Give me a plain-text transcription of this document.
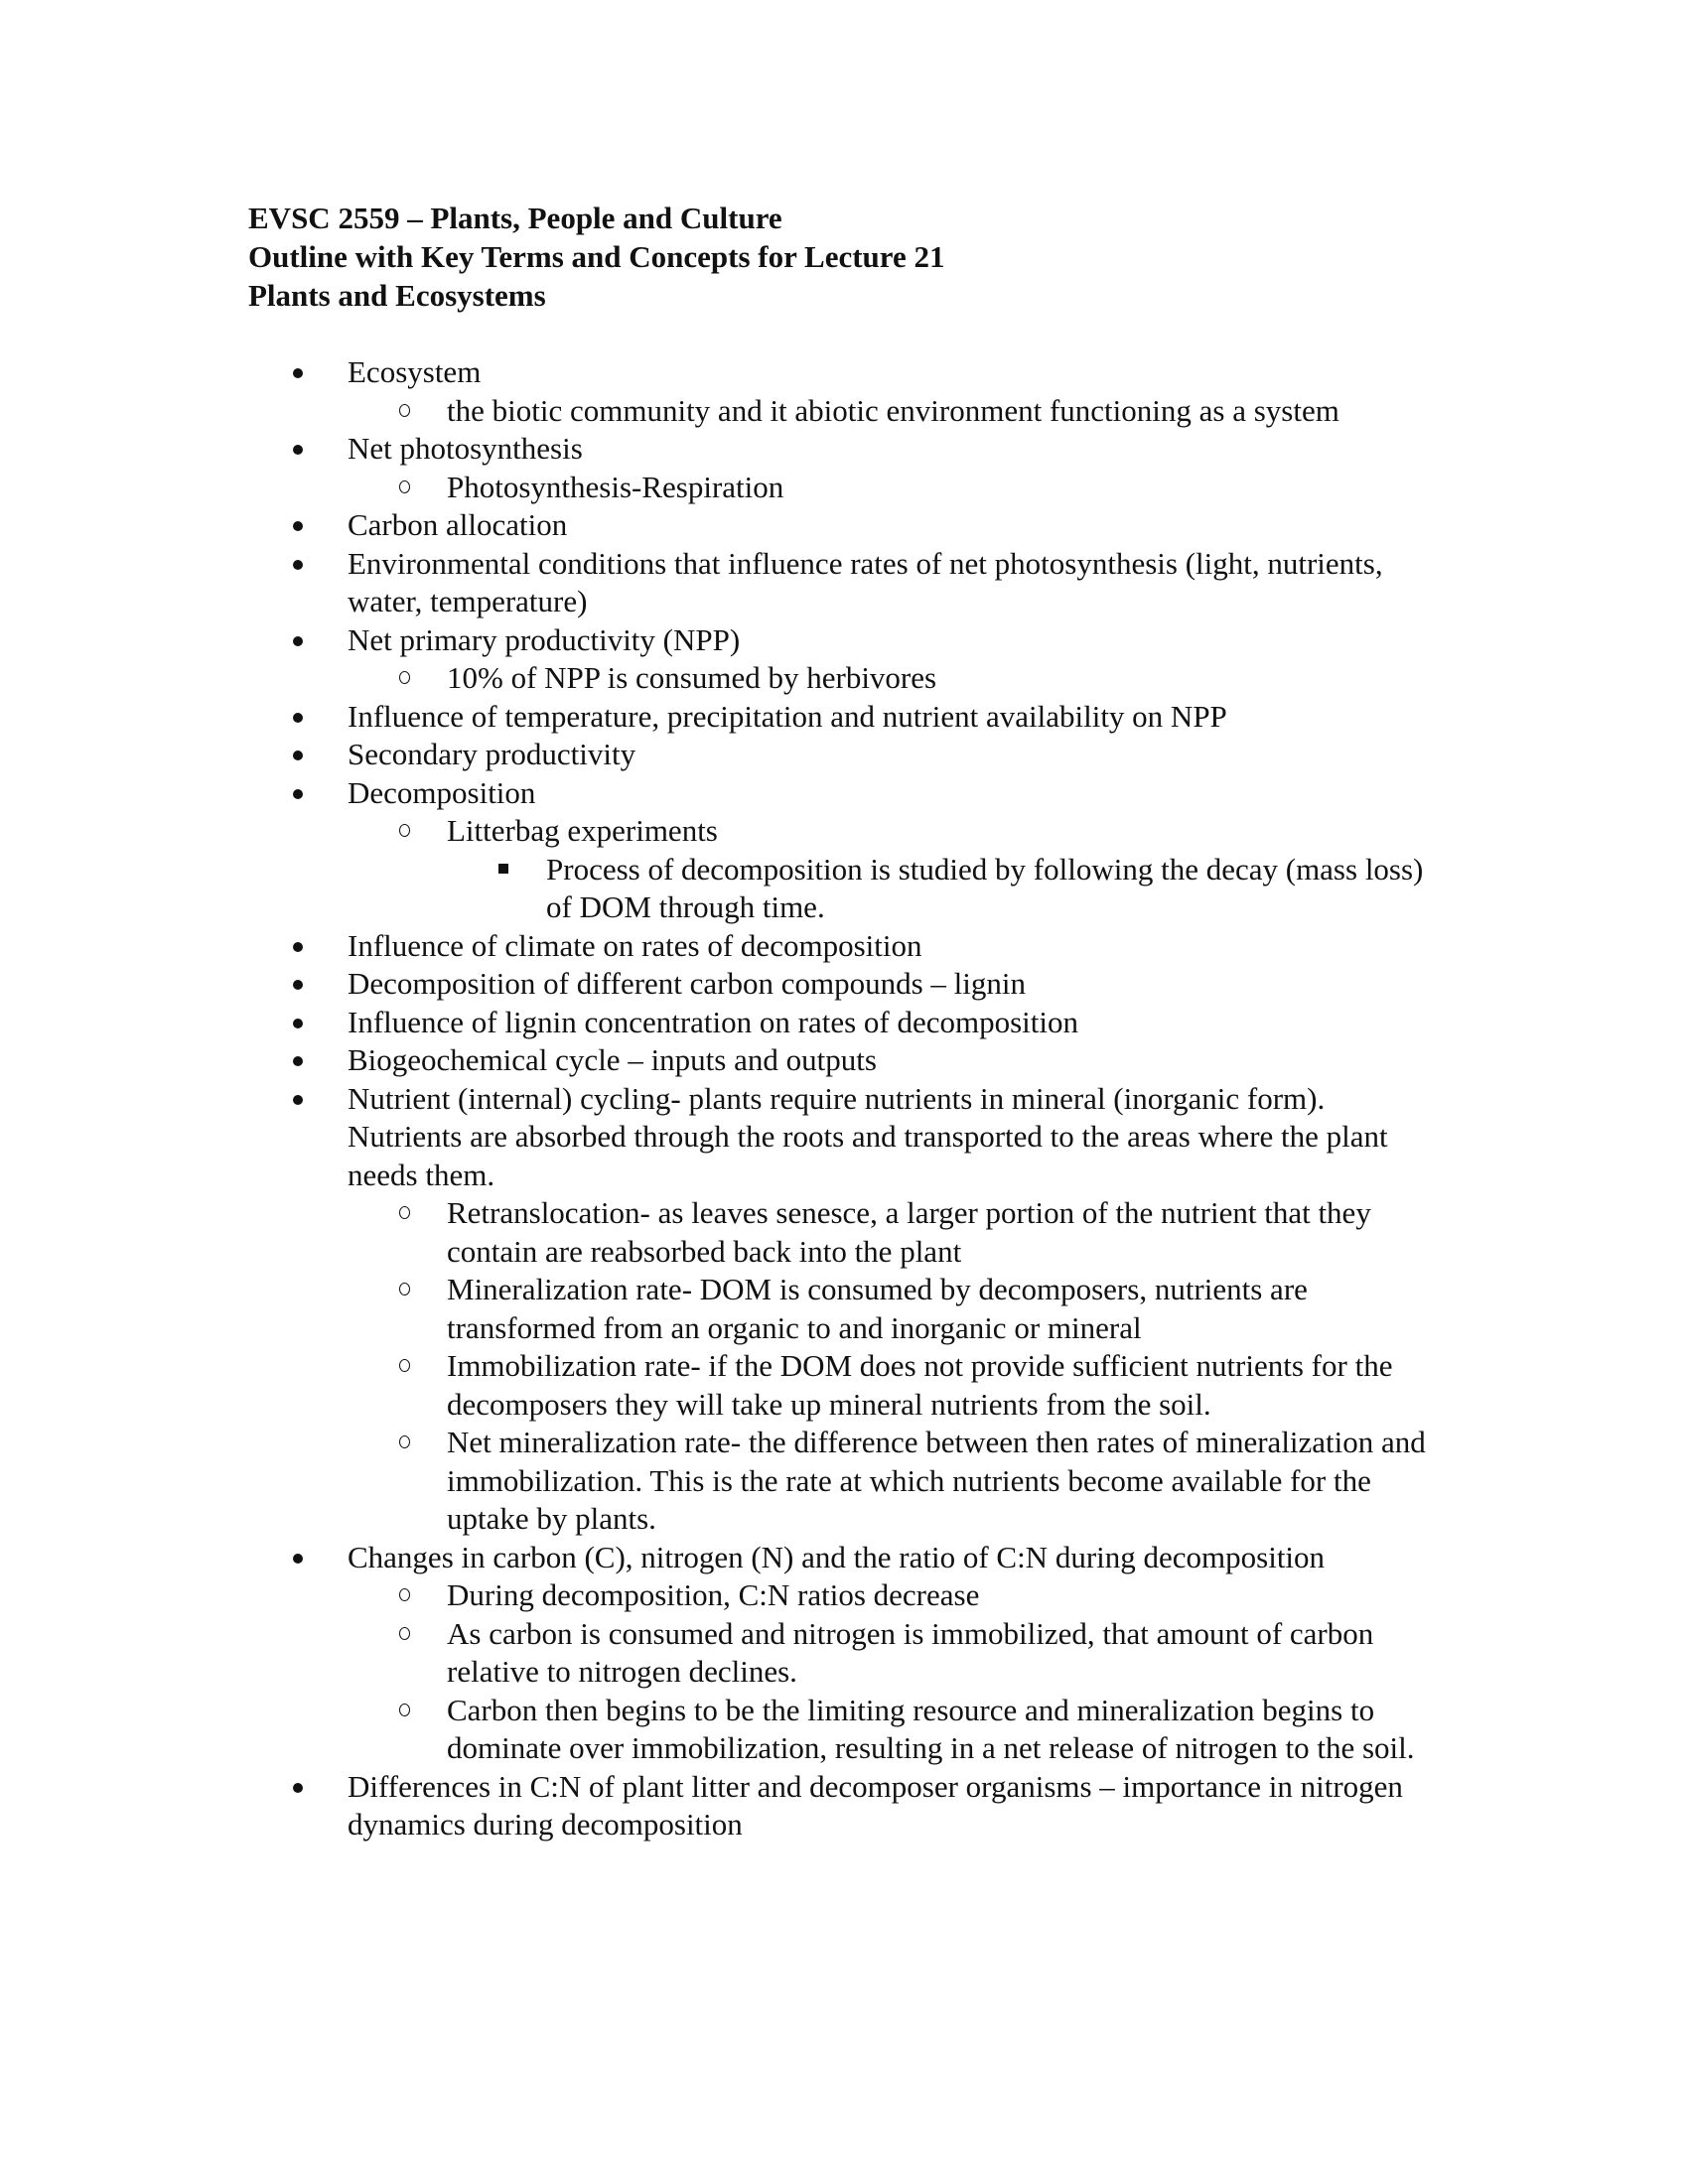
EVSC 2559 – Plants, People and Culture
Outline with Key Terms and Concepts for Lecture 21
Plants and Ecosystems
Ecosystem
the biotic community and it abiotic environment functioning as a system
Net photosynthesis
Photosynthesis-Respiration
Carbon allocation
Environmental conditions that influence rates of net photosynthesis (light, nutrients, water, temperature)
Net primary productivity (NPP)
10% of NPP is consumed by herbivores
Influence of temperature, precipitation and nutrient availability on NPP
Secondary productivity
Decomposition
Litterbag experiments
Process of decomposition is studied by following the decay (mass loss) of DOM through time.
Influence of climate on rates of decomposition
Decomposition of different carbon compounds – lignin
Influence of lignin concentration on rates of decomposition
Biogeochemical cycle – inputs and outputs
Nutrient (internal) cycling- plants require nutrients in mineral (inorganic form). Nutrients are absorbed through the roots and transported to the areas where the plant needs them.
Retranslocation- as leaves senesce, a larger portion of the nutrient that they contain are reabsorbed back into the plant
Mineralization rate- DOM is consumed by decomposers, nutrients are transformed from an organic to and inorganic or mineral
Immobilization rate- if the DOM does not provide sufficient nutrients for the decomposers they will take up mineral nutrients from the soil.
Net mineralization rate- the difference between then rates of mineralization and immobilization. This is the rate at which nutrients become available for the uptake by plants.
Changes in carbon (C), nitrogen (N) and the ratio of C:N during decomposition
During decomposition, C:N ratios decrease
As carbon is consumed and nitrogen is immobilized, that amount of carbon relative to nitrogen declines.
Carbon then begins to be the limiting resource and mineralization begins to dominate over immobilization, resulting in a net release of nitrogen to the soil.
Differences in C:N of plant litter and decomposer organisms – importance in nitrogen dynamics during decomposition
